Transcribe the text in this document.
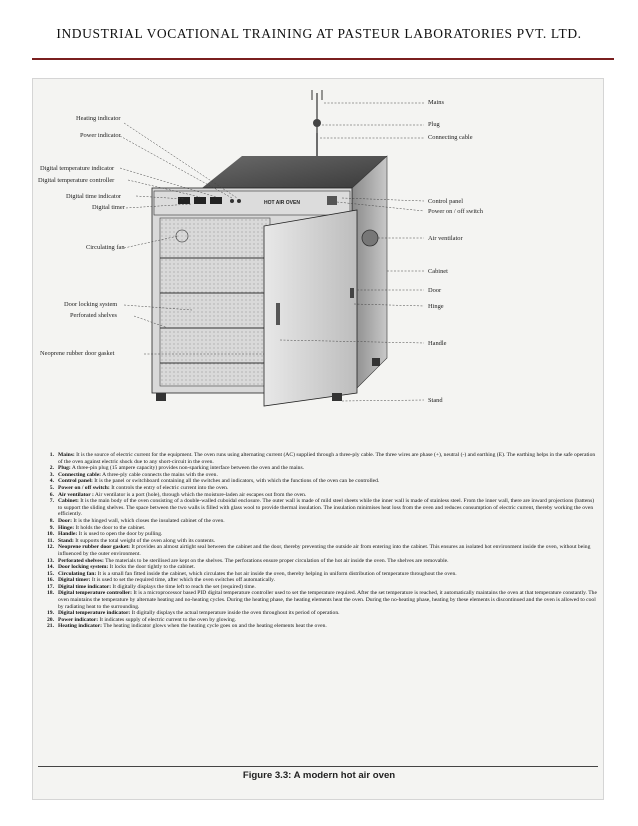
INDUSTRIAL VOCATIONAL TRAINING AT PASTEUR LABORATORIES PVT. LTD.
HOT AIR OVEN
Heating indicator
Power indicator
Digital temperature indicator
Digital temperature controller
Digital time indicator
Digital timer
Circulating fan
Door locking system
Perforated shelves
Neoprene rubber door gasket
Mains
Plug
Connecting cable
Control panel
Power on / off switch
Air ventilator
Cabinet
Door
Hinge
Handle
Stand
1. Mains: It is the source of electric current for the equipment. The oven runs using alternating current (AC) supplied through a three-ply cable. The three wires are phase (+), neutral (-) and earthing (E). The earthing helps in the safe operation of the oven against electric shock due to any short-circuit in the oven.
2. Plug: A three-pin plug (15 ampere capacity) provides non-sparking interface between the oven and the mains.
3. Connecting cable: A three-ply cable connects the mains with the oven.
4. Control panel: It is the panel or switchboard containing all the switches and indicators, with which the functions of the oven can be controlled.
5. Power on / off switch: It controls the entry of electric current into the oven.
6. Air ventilator : Air ventilator is a port (hole), through which the moisture-laden air escapes out from the oven.
7. Cabinet: It is the main body of the oven consisting of a double-walled cuboidal enclosure. The outer wall is made of mild steel sheets while the inner wall is made of stainless steel. From the inner wall, there are inward projections (battens) to support the sliding shelves. The space between the two walls is filled with glass wool to provide thermal insulation. The insulation minimises heat loss from the oven and reduces consumption of electric current, thereby working the oven efficiently.
8. Door: It is the hinged wall, which closes the insulated cabinet of the oven.
9. Hinge: It holds the door to the cabinet.
10. Handle: It is used to open the door by pulling.
11. Stand: It supports the total weight of the oven along with its contents.
12. Neoprene rubber door gasket: It provides an almost airtight seal between the cabinet and the door, thereby preventing the outside air from entering into the cabinet. This ensures an isolated hot environment inside the oven, without being influenced by the outer environment.
13. Perforated shelves: The materials to be sterilised are kept on the shelves. The perforations ensure proper circulation of the hot air inside the oven. The shelves are removable.
14. Door locking system: It locks the door tightly to the cabinet.
15. Circulating fan: It is a small fan fitted inside the cabinet, which circulates the hot air inside the oven, thereby helping in uniform distribution of temperature throughout the oven.
16. Digital timer: It is used to set the required time, after which the oven switches off automatically.
17. Digital time indicator: It digitally displays the time left to reach the set (required) time.
18. Digital temperature controller: It is a microprocessor based PID digital temperature controller used to set the temperature required. After the set temperature is reached, it automatically maintains the oven at that temperature constantly. The oven maintains the temperature by alternate heating and no-heating cycles. During the heating phase, the heating elements heat the oven. During the no-heating phase, heating by these elements is discontinued and the oven is allowed to cool by radiating heat to the surrounding.
19. Digital temperature indicator: It digitally displays the actual temperature inside the oven throughout its period of operation.
20. Power indicator: It indicates supply of electric current to the oven by glowing.
21. Heating indicator: The heating indicator glows when the heating cycle goes on and the heating elements heat the oven.
Figure 3.3: A modern hot air oven
